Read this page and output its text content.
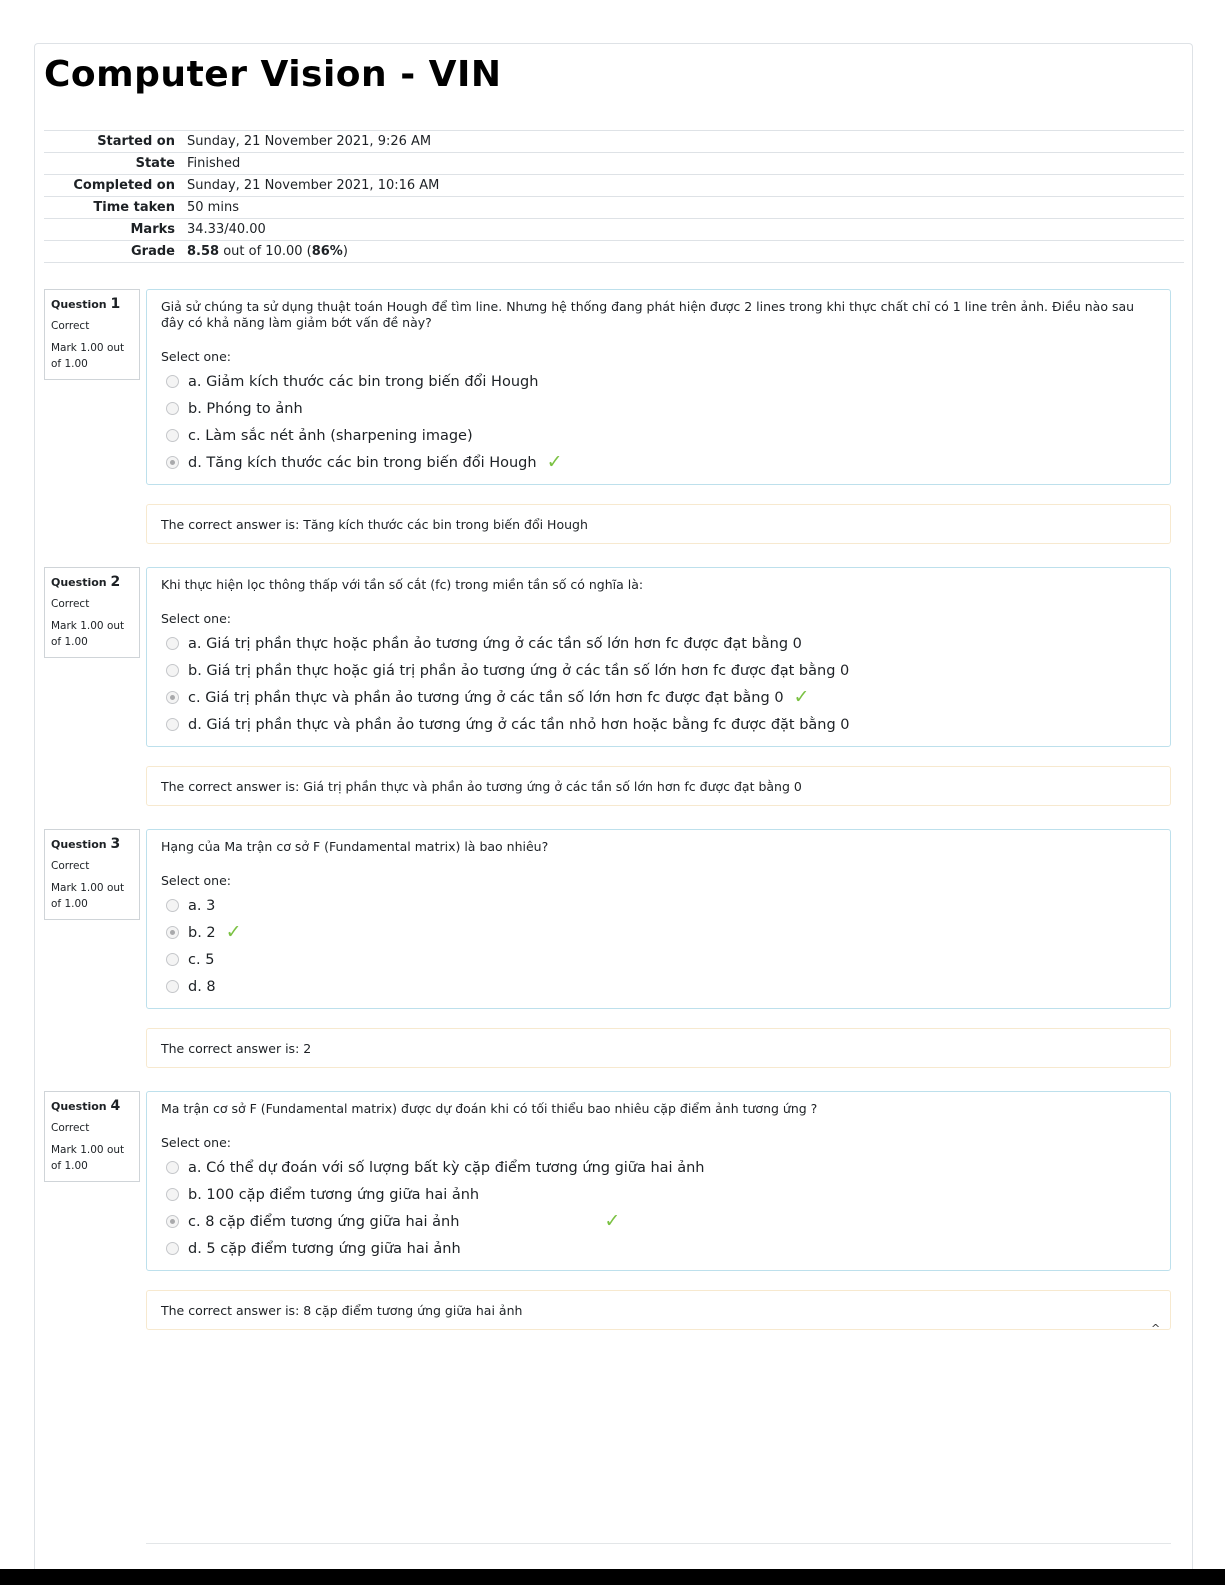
Computer Vision - VIN
Started on	Sunday, 21 November 2021, 9:26 AM
State	Finished
Completed on	Sunday, 21 November 2021, 10:16 AM
Time taken	50 mins
Marks	34.33/40.00
Grade	8.58 out of 10.00 (86%)
Question 1
Correct
Mark 1.00 out of 1.00
Giả sử chúng ta sử dụng thuật toán Hough để tìm line. Nhưng hệ thống đang phát hiện được 2 lines trong khi thực chất chỉ có 1 line trên ảnh. Điều nào sau đây có khả năng làm giảm bớt vấn đề này?
Select one:
a. Giảm kích thước các bin trong biến đổi Hough
b. Phóng to ảnh
c. Làm sắc nét ảnh (sharpening image)
d. Tăng kích thước các bin trong biến đổi Hough ✓
The correct answer is: Tăng kích thước các bin trong biến đổi Hough
Question 2
Correct
Mark 1.00 out of 1.00
Khi thực hiện lọc thông thấp với tần số cắt (fc) trong miền tần số có nghĩa là:
Select one:
a. Giá trị phần thực hoặc phần ảo tương ứng ở các tần số lớn hơn fc được đạt bằng 0
b. Giá trị phần thực hoặc giá trị phần ảo tương ứng ở các tần số lớn hơn fc được đạt bằng 0
c. Giá trị phần thực và phần ảo tương ứng ở các tần số lớn hơn fc được đạt bằng 0 ✓
d. Giá trị phần thực và phần ảo tương ứng ở các tần nhỏ hơn hoặc bằng fc được đặt bằng 0
The correct answer is: Giá trị phần thực và phần ảo tương ứng ở các tần số lớn hơn fc được đạt bằng 0
Question 3
Correct
Mark 1.00 out of 1.00
Hạng của Ma trận cơ sở F (Fundamental matrix) là bao nhiêu?
Select one:
a. 3
b. 2 ✓
c. 5
d. 8
The correct answer is: 2
Question 4
Correct
Mark 1.00 out of 1.00
Ma trận cơ sở F (Fundamental matrix) được dự đoán khi có tối thiểu bao nhiêu cặp điểm ảnh tương ứng ?
Select one:
a. Có thể dự đoán với số lượng bất kỳ cặp điểm tương ứng giữa hai ảnh
b. 100 cặp điểm tương ứng giữa hai ảnh
c. 8 cặp điểm tương ứng giữa hai ảnh	✓
d. 5 cặp điểm tương ứng giữa hai ảnh
The correct answer is: 8 cặp điểm tương ứng giữa hai ảnh
^
